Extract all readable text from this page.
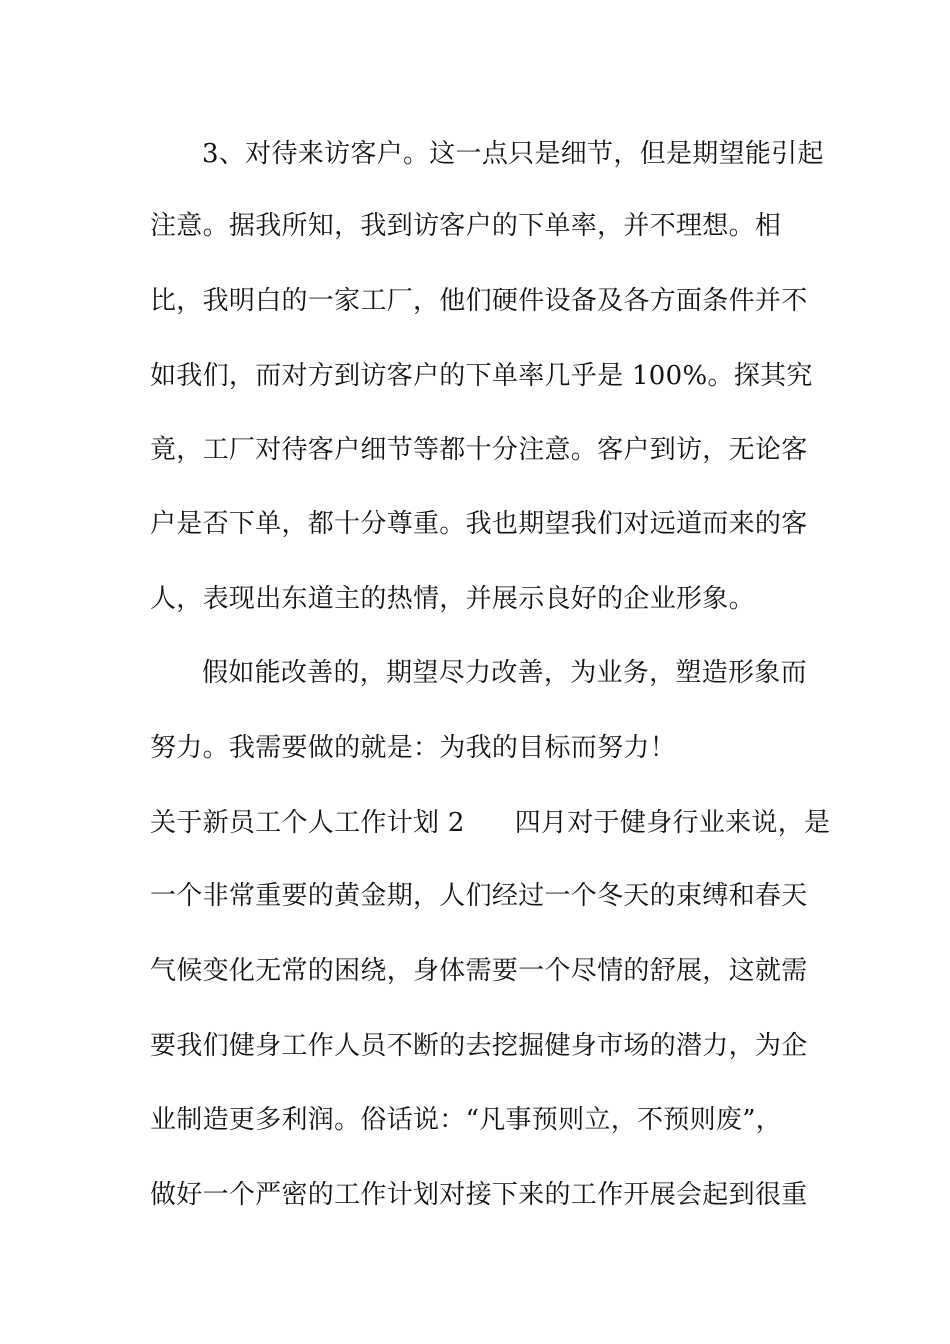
3、对待来访客户。这一点只是细节，但是期望能引起
注意。据我所知，我到访客户的下单率，并不理想。相
比，我明白的一家工厂，他们硬件设备及各方面条件并不
如我们，而对方到访客户的下单率几乎是 100%。探其究
竟，工厂对待客户细节等都十分注意。客户到访，无论客
户是否下单，都十分尊重。我也期望我们对远道而来的客
人，表现出东道主的热情，并展示良好的企业形象。
假如能改善的，期望尽力改善，为业务，塑造形象而
努力。我需要做的就是：为我的目标而努力！
关于新员工个人工作计划 2 四月对于健身行业来说，是
一个非常重要的黄金期，人们经过一个冬天的束缚和春天
气候变化无常的困绕，身体需要一个尽情的舒展，这就需
要我们健身工作人员不断的去挖掘健身市场的潜力，为企
业制造更多利润。俗话说：“凡事预则立，不预则废”，
做好一个严密的工作计划对接下来的工作开展会起到很重
